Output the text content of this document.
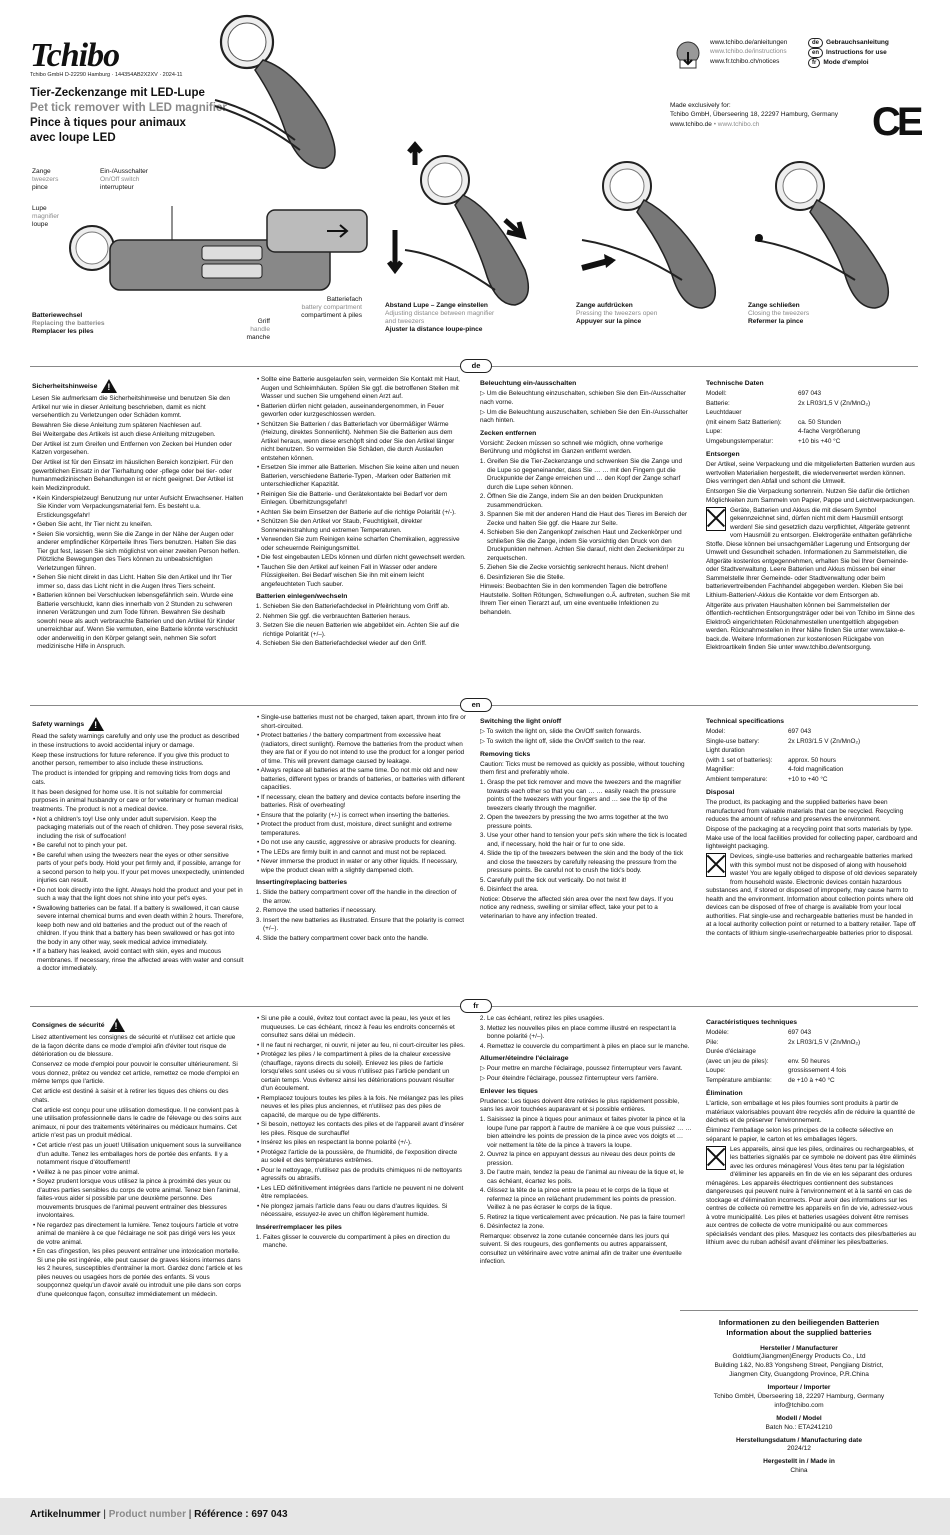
Tchibo
Tchibo GmbH D-22290 Hamburg · 144354AB2X2XV · 2024-11
Tier-Zeckenzange mit LED-Lupe
Pet tick remover with LED magnifier
Pince à tiques pour animaux
avec loupe LED
www.tchibo.de/anleitungen
www.tchibo.de/instructions
www.fr.tchibo.ch/notices
de Gebrauchsanleitung
en Instructions for use
fr Mode d'emploi
Made exclusively for:
Tchibo GmbH, Überseering 18, 22297 Hamburg, Germany
www.tchibo.de • www.tchibo.ch	CE
Zange
tweezers
pince
Lupe
magnifier
loupe
Ein-/Ausschalter
On/Off switch
interrupteur
Batteriewechsel
Replacing the batteries
Remplacer les piles
Griff
handle
manche
Batteriefach
battery compartment
compartiment à piles
Abstand Lupe – Zange einstellen
Adjusting distance between magnifier and tweezers
Ajuster la distance loupe-pince
Zange aufdrücken
Pressing the tweezers open
Appuyer sur la pince
Zange schließen
Closing the tweezers
Refermer la pince
de
Sicherheitshinweise!

Lesen Sie aufmerksam die Sicherheitshinweise und benutzen Sie den Artikel nur wie in dieser Anleitung beschrieben, damit es nicht versehentlich zu Verletzungen oder Schäden kommt.

Bewahren Sie diese Anleitung zum späteren Nachlesen auf.

Bei Weitergabe des Artikels ist auch diese Anleitung mitzugeben.

Der Artikel ist zum Greifen und Entfernen von Zecken bei Hunden oder Katzen vorgesehen.

Der Artikel ist für den Einsatz im häuslichen Bereich konzipiert. Für den gewerblichen Einsatz in der Tierhaltung oder -pflege oder bei tier- oder humanmedizinischen Behandlungen ist er nicht geeignet. Der Artikel ist kein Medizinprodukt.

• Kein Kinderspielzeug! Benutzung nur unter Aufsicht Erwachsener. Halten Sie Kinder vom Verpackungsmaterial fern. Es besteht u.a. Erstickungsgefahr!
• Geben Sie acht, Ihr Tier nicht zu kneifen.
• Seien Sie vorsichtig, wenn Sie die Zange in der Nähe der Augen oder anderer empfindlicher Körperteile Ihres Tiers benutzen. Halten Sie das Tier gut fest, lassen Sie sich möglichst von einer zweiten Person helfen. Plötzliche Bewegungen des Tiers können zu unbeabsichtigten Verletzungen führen.
• Sehen Sie nicht direkt in das Licht. Halten Sie den Artikel und Ihr Tier immer so, dass das Licht nicht in die Augen Ihres Tiers scheint.
• Batterien können bei Verschlucken lebensgefährlich sein. Wurde eine Batterie verschluckt, kann dies innerhalb von 2 Stunden zu schweren inneren Verätzungen und zum Tode führen. Bewahren Sie deshalb sowohl neue als auch verbrauchte Batterien und den Artikel für Kinder unerreichbar auf. Wenn Sie vermuten, eine Batterie könnte verschluckt oder anderweitig in den Körper gelangt sein, nehmen Sie sofort medizinische Hilfe in Anspruch.
• Sollte eine Batterie ausgelaufen sein, vermeiden Sie Kontakt mit Haut, Augen und Schleimhäuten. Spülen Sie ggf. die betroffenen Stellen mit Wasser und suchen Sie umgehend einen Arzt auf.
• Batterien dürfen nicht geladen, auseinandergenommen, in Feuer geworfen oder kurzgeschlossen werden.
• Schützen Sie Batterien / das Batteriefach vor übermäßiger Wärme (Heizung, direktes Sonnenlicht). Nehmen Sie die Batterien aus dem Artikel heraus, wenn diese erschöpft sind oder Sie den Artikel länger nicht benutzen. So vermeiden Sie Schäden, die durch Auslaufen entstehen können.
• Ersetzen Sie immer alle Batterien. Mischen Sie keine alten und neuen Batterien, verschiedene Batterie-Typen, -Marken oder Batterien mit unterschiedlicher Kapazität.
• Reinigen Sie die Batterie- und Gerätekontakte bei Bedarf vor dem Einlegen. Überhitzungsgefahr!
• Achten Sie beim Einsetzen der Batterie auf die richtige Polarität (+/-).
• Schützen Sie den Artikel vor Staub, Feuchtigkeit, direkter Sonneneinstrahlung und extremen Temperaturen.
• Verwenden Sie zum Reinigen keine scharfen Chemikalien, aggressive oder scheuernde Reinigungsmittel.
• Die fest eingebauten LEDs können und dürfen nicht gewechselt werden.
• Tauchen Sie den Artikel auf keinen Fall in Wasser oder andere Flüssigkeiten. Bei Bedarf wischen Sie ihn mit einem leicht angefeuchteten Tuch sauber.
Batterien einlegen/wechseln
1. Schieben Sie den Batteriefachdeckel in Pfeilrichtung vom Griff ab.
2. Nehmen Sie ggf. die verbrauchten Batterien heraus.
3. Setzen Sie die neuen Batterien wie abgebildet ein. Achten Sie auf die richtige Polarität (+/–).
4. Schieben Sie den Batteriefachdeckel wieder auf den Griff.
Beleuchtung ein-/ausschalten

▷ Um die Beleuchtung einzuschalten, schieben Sie den Ein-/Ausschalter nach vorne.

▷ Um die Beleuchtung auszuschalten, schieben Sie den Ein-/Ausschalter nach hinten.

Zecken entfernen

Vorsicht: Zecken müssen so schnell wie möglich, ohne vorherige Berührung und möglichst im Ganzen entfernt werden.

1. Greifen Sie die Tier-Zeckenzange und schwenken Sie die Zange und die Lupe so gegeneinander, dass Sie … … mit den Fingern gut die Druckpunkte der Zange erreichen und … den Kopf der Zange scharf durch die Lupe sehen können.
2. Öffnen Sie die Zange, indem Sie an den beiden Druckpunkten zusammendrücken.
3. Spannen Sie mit der anderen Hand die Haut des Tieres im Bereich der Zecke und halten Sie ggf. die Haare zur Seite.
4. Schieben Sie den Zangenkopf zwischen Haut und Zeckenkörper und schließen Sie die Zange, indem Sie vorsichtig den Druck von den Druckpunkten nehmen. Achten Sie darauf, nicht den Zeckenkörper zu zerquetschen.
5. Ziehen Sie die Zecke vorsichtig senkrecht heraus. Nicht drehen!
6. Desinfizieren Sie die Stelle.

Hinweis: Beobachten Sie in den kommenden Tagen die betroffene Hautstelle. Sollten Rötungen, Schwellungen o.Ä. auftreten, suchen Sie mit Ihrem Tier einen Tierarzt auf, um eine eventuelle Infektionen zu behandeln.

Technische Daten
Modell:	697 043
Batterie:	2x LR03/1,5 V (Zn/MnO₂)
Leuchtdauer	
(mit einem Satz Batterien):	ca. 50 Stunden
Lupe:	4-fache Vergrößerung
Umgebungstemperatur:	+10 bis +40 °C
Entsorgen

Der Artikel, seine Verpackung und die mitgelieferten Batterien wurden aus wertvollen Materialien hergestellt, die wiederverwertet werden können. Dies verringert den Abfall und schont die Umwelt.

Entsorgen Sie die Verpackung sortenrein. Nutzen Sie dafür die örtlichen Möglichkeiten zum Sammeln von Papier, Pappe und Leichtverpackungen.

Geräte, Batterien und Akkus die mit diesem Symbol gekennzeichnet sind, dürfen nicht mit dem Hausmüll entsorgt werden! Sie sind gesetzlich dazu verpflichtet, Altgeräte getrennt vom Hausmüll zu entsorgen. Elektrogeräte enthalten gefährliche Stoffe. Diese können bei unsachgemäßer Lagerung und Entsorgung der Umwelt und Gesundheit schaden. Informationen zu Sammelstellen, die Altgeräte kostenlos entgegennehmen, erhalten Sie bei Ihrer Gemeinde- oder Stadtverwaltung. Leere Batterien und Akkus müssen bei einer Sammelstelle Ihrer Gemeinde- oder Stadtverwaltung oder beim batterievertreibenden Fachhandel abgegeben werden. Kleben Sie bei Lithium-Batterien/-Akkus die Kontakte vor dem Entsorgen ab.

Altgeräte aus privaten Haushalten können bei Sammelstellen der öffentlich-rechtlichen Entsorgungsträger oder bei von Tchibo im Sinne des ElektroG eingerichteten Rücknahmestellen unentgeltlich abgegeben werden. Rücknahmestellen in Ihrer Nähe finden Sie unter www.take-e-back.de. Weitere Informationen zur kostenlosen Rückgabe von Elektroartikeln finden Sie unter www.tchibo.de/entsorgung.

en
Safety warnings!

Read the safety warnings carefully and only use the product as described in these instructions to avoid accidental injury or damage.

Keep these instructions for future reference. If you give this product to another person, remember to also include these instructions.

The product is intended for gripping and removing ticks from dogs and cats.

It has been designed for home use. It is not suitable for commercial purposes in animal husbandry or care or for veterinary or human medical treatments. The product is not a medical device.

• Not a children's toy! Use only under adult supervision. Keep the packaging materials out of the reach of children. They pose several risks, including the risk of suffocation!
• Be careful not to pinch your pet.
• Be careful when using the tweezers near the eyes or other sensitive parts of your pet's body. Hold your pet firmly and, if possible, arrange for a second person to help you. If your pet moves unexpectedly, unintended injuries can result.
• Do not look directly into the light. Always hold the product and your pet in such a way that the light does not shine into your pet's eyes.
• Swallowing batteries can be fatal. If a battery is swallowed, it can cause severe internal chemical burns and even death within 2 hours. Therefore, keep both new and old batteries and the product out of the reach of children. If you think that a battery has been swallowed or has got into the body in any other way, seek medical advice immediately.
• If a battery has leaked, avoid contact with skin, eyes and mucous membranes. If necessary, rinse the affected areas with water and consult a doctor immediately.
• Single-use batteries must not be charged, taken apart, thrown into fire or short-circuited.
• Protect batteries / the battery compartment from excessive heat (radiators, direct sunlight). Remove the batteries from the product when they are flat or if you do not intend to use the product for a longer period of time. This will prevent damage caused by leakage.
• Always replace all batteries at the same time. Do not mix old and new batteries, different types or brands of batteries, or batteries with different capacities.
• If necessary, clean the battery and device contacts before inserting the batteries. Risk of overheating!
• Ensure that the polarity (+/-) is correct when inserting the batteries.
• Protect the product from dust, moisture, direct sunlight and extreme temperatures.
• Do not use any caustic, aggressive or abrasive products for cleaning.
• The LEDs are firmly built in and cannot and must not be replaced.
• Never immerse the product in water or any other liquids. If necessary, wipe the product clean with a slightly dampened cloth.
Inserting/replacing batteries
1. Slide the battery compartment cover off the handle in the direction of the arrow.
2. Remove the used batteries if necessary.
3. Insert the new batteries as illustrated. Ensure that the polarity is correct (+/–).
4. Slide the battery compartment cover back onto the handle.
Switching the light on/off

▷ To switch the light on, slide the On/Off switch forwards.

▷ To switch the light off, slide the On/Off switch to the rear.

Removing ticks

Caution: Ticks must be removed as quickly as possible, without touching them first and preferably whole.

1. Grasp the pet tick remover and move the tweezers and the magnifier towards each other so that you can … … easily reach the pressure points of the tweezers with your fingers and … see the tip of the tweezers clearly through the magnifier.
2. Open the tweezers by pressing the two arms together at the two pressure points.
3. Use your other hand to tension your pet's skin where the tick is located and, if necessary, hold the hair or fur to one side.
4. Slide the tip of the tweezers between the skin and the body of the tick and close the tweezers by carefully releasing the pressure from the pressure points. Be careful not to crush the tick's body.
5. Carefully pull the tick out vertically. Do not twist it!
6. Disinfect the area.

Notice: Observe the affected skin area over the next few days. If you notice any redness, swelling or similar effect, take your pet to a veterinarian to have any infection treated.

Technical specifications
Model:	697 043
Single-use battery:	2x LR03/1.5 V (Zn/MnO₂)
Light duration	
(with 1 set of batteries):	approx. 50 hours
Magnifier:	4-fold magnification
Ambient temperature:	+10 to +40 °C
Disposal

The product, its packaging and the supplied batteries have been manufactured from valuable materials that can be recycled. Recycling reduces the amount of refuse and preserves the environment.

Dispose of the packaging at a recycling point that sorts materials by type. Make use of the local facilities provided for collecting paper, cardboard and lightweight packaging.

Devices, single-use batteries and rechargeable batteries marked with this symbol must not be disposed of along with household waste! You are legally obliged to dispose of old devices separately from household waste. Electronic devices contain hazardous substances and, if stored or disposed of improperly, may cause harm to health and the environment. Information about collection points where old devices can be disposed of free of charge is available from your local authorities. Flat single-use and rechargeable batteries must be handed in at a local authority collection point or returned to a battery retailer. Tape off the contacts of lithium single-use/rechargeable batteries prior to disposal.

fr
Consignes de sécurité!

Lisez attentivement les consignes de sécurité et n'utilisez cet article que de la façon décrite dans ce mode d'emploi afin d'éviter tout risque de détérioration ou de blessure.

Conservez ce mode d'emploi pour pouvoir le consulter ultérieurement. Si vous donnez, prêtez ou vendez cet article, remettez ce mode d'emploi en même temps que l'article.

Cet article est destiné à saisir et à retirer les tiques des chiens ou des chats.

Cet article est conçu pour une utilisation domestique. Il ne convient pas à une utilisation professionnelle dans le cadre de l'élevage ou des soins aux animaux, ni pour des traitements vétérinaires ou médicaux humains. Cet article n'est pas un produit médical.

• Cet article n'est pas un jouet! Utilisation uniquement sous la surveillance d'un adulte. Tenez les emballages hors de portée des enfants. Il y a notamment risque d'étouffement!
• Veillez à ne pas pincer votre animal.
• Soyez prudent lorsque vous utilisez la pince à proximité des yeux ou d'autres parties sensibles du corps de votre animal. Tenez bien l'animal, faites-vous aider si possible par une deuxième personne. Des mouvements brusques de l'animal peuvent entraîner des blessures involontaires.
• Ne regardez pas directement la lumière. Tenez toujours l'article et votre animal de manière à ce que l'éclairage ne soit pas dirigé vers les yeux de votre animal.
• En cas d'ingestion, les piles peuvent entraîner une intoxication mortelle. Si une pile est ingérée, elle peut causer de graves lésions internes dans les 2 heures, susceptibles d'entraîner la mort. Gardez donc l'article et les piles neuves ou usagées hors de portée des enfants. Si vous soupçonnez quelqu'un d'avoir avalé ou introduit une pile dans son corps d'une quelconque façon, consultez immédiatement un médecin.
• Si une pile a coulé, évitez tout contact avec la peau, les yeux et les muqueuses. Le cas échéant, rincez à l'eau les endroits concernés et consultez sans délai un médecin.
• Il ne faut ni recharger, ni ouvrir, ni jeter au feu, ni court-circuiter les piles.
• Protégez les piles / le compartiment à piles de la chaleur excessive (chauffage, rayons directs du soleil). Enlevez les piles de l'article lorsqu'elles sont usées ou si vous n'utilisez pas l'article pendant un certain temps. Vous éviterez ainsi les détériorations pouvant résulter d'un écoulement.
• Remplacez toujours toutes les piles à la fois. Ne mélangez pas les piles neuves et les piles plus anciennes, et n'utilisez pas des piles de capacité, de marque ou de type différents.
• Si besoin, nettoyez les contacts des piles et de l'appareil avant d'insérer les piles. Risque de surchauffe!
• Insérez les piles en respectant la bonne polarité (+/-).
• Protégez l'article de la poussière, de l'humidité, de l'exposition directe au soleil et des températures extrêmes.
• Pour le nettoyage, n'utilisez pas de produits chimiques ni de nettoyants agressifs ou abrasifs.
• Les LED définitivement intégrées dans l'article ne peuvent ni ne doivent être remplacées.
• Ne plongez jamais l'article dans l'eau ou dans d'autres liquides. Si nécessaire, essuyez-le avec un chiffon légèrement humide.
Insérer/remplacer les piles
1. Faites glisser le couvercle du compartiment à piles en direction du manche.
2. Le cas échéant, retirez les piles usagées.
3. Mettez les nouvelles piles en place comme illustré en respectant la bonne polarité (+/–).
4. Remettez le couvercle du compartiment à piles en place sur le manche.
Allumer/éteindre l'éclairage

▷ Pour mettre en marche l'éclairage, poussez l'interrupteur vers l'avant.

▷ Pour éteindre l'éclairage, poussez l'interrupteur vers l'arrière.

Enlever les tiques

Prudence: Les tiques doivent être retirées le plus rapidement possible, sans les avoir touchées auparavant et si possible entières.

1. Saisissez la pince à tiques pour animaux et faites pivoter la pince et la loupe l'une par rapport à l'autre de manière à ce que vous puissiez … … bien atteindre les points de pression de la pince avec vos doigts et … voir nettement la tête de la pince à travers la loupe.
2. Ouvrez la pince en appuyant dessus au niveau des deux points de pression.
3. De l'autre main, tendez la peau de l'animal au niveau de la tique et, le cas échéant, écartez les poils.
4. Glissez la tête de la pince entre la peau et le corps de la tique et refermez la pince en relâchant prudemment les points de pression. Veillez à ne pas écraser le corps de la tique.
5. Retirez la tique verticalement avec précaution. Ne pas la faire tourner!
6. Désinfectez la zone.

Remarque: observez la zone cutanée concernée dans les jours qui suivent. Si des rougeurs, des gonflements ou autres apparaissent, consultez un vétérinaire avec votre animal afin de traiter une éventuelle infection.

Caractéristiques techniques
Modèle:	697 043
Pile:	2x LR03/1,5 V (Zn/MnO₂)
Durée d'éclairage	
(avec un jeu de piles):	env. 50 heures
Loupe:	grossissement 4 fois
Température ambiante:	de +10 à +40 °C
Élimination

L'article, son emballage et les piles fournies sont produits à partir de matériaux valorisables pouvant être recyclés afin de réduire la quantité de déchets et de préserver l'environnement.

Éliminez l'emballage selon les principes de la collecte sélective en séparant le papier, le carton et les emballages légers.

Les appareils, ainsi que les piles, ordinaires ou rechargeables, et les batteries signalés par ce symbole ne doivent pas être éliminés avec les ordures ménagères! Vous êtes tenu par la législation d'éliminer les appareils en fin de vie en les séparant des ordures ménagères. Les appareils électriques contiennent des substances dangereuses qui peuvent nuire à l'environnement et à la santé en cas de stockage et d'élimination incorrects. Pour avoir des informations sur les centres de collecte où remettre les appareils en fin de vie, adressez-vous à votre municipalité. Les piles et batteries usagées doivent être remises aux centres de collecte de votre municipalité ou aux commerces spécialisés vendant des piles. Masquez les contacts des piles/batteries au lithium avec du ruban adhésif avant d'éliminer les piles/batteries.

Informationen zu den beiliegenden Batterien
Information about the supplied batteries
Hersteller / Manufacturer
Goldtium(Jiangmen)Energy Products Co., Ltd
Building 1&2, No.83 Yongsheng Street, Pengjiang District,
Jiangmen City, Guangdong Province, P.R.China
Importeur / Importer
Tchibo GmbH, Überseering 18, 22297 Hamburg, Germany
info@tchibo.com
Modell / Model
Batch No.: ETA241210
Herstellungsdatum / Manufacturing date
2024/12
Hergestellt in / Made in
China
Artikelnummer | Product number | Référence : 697 043
